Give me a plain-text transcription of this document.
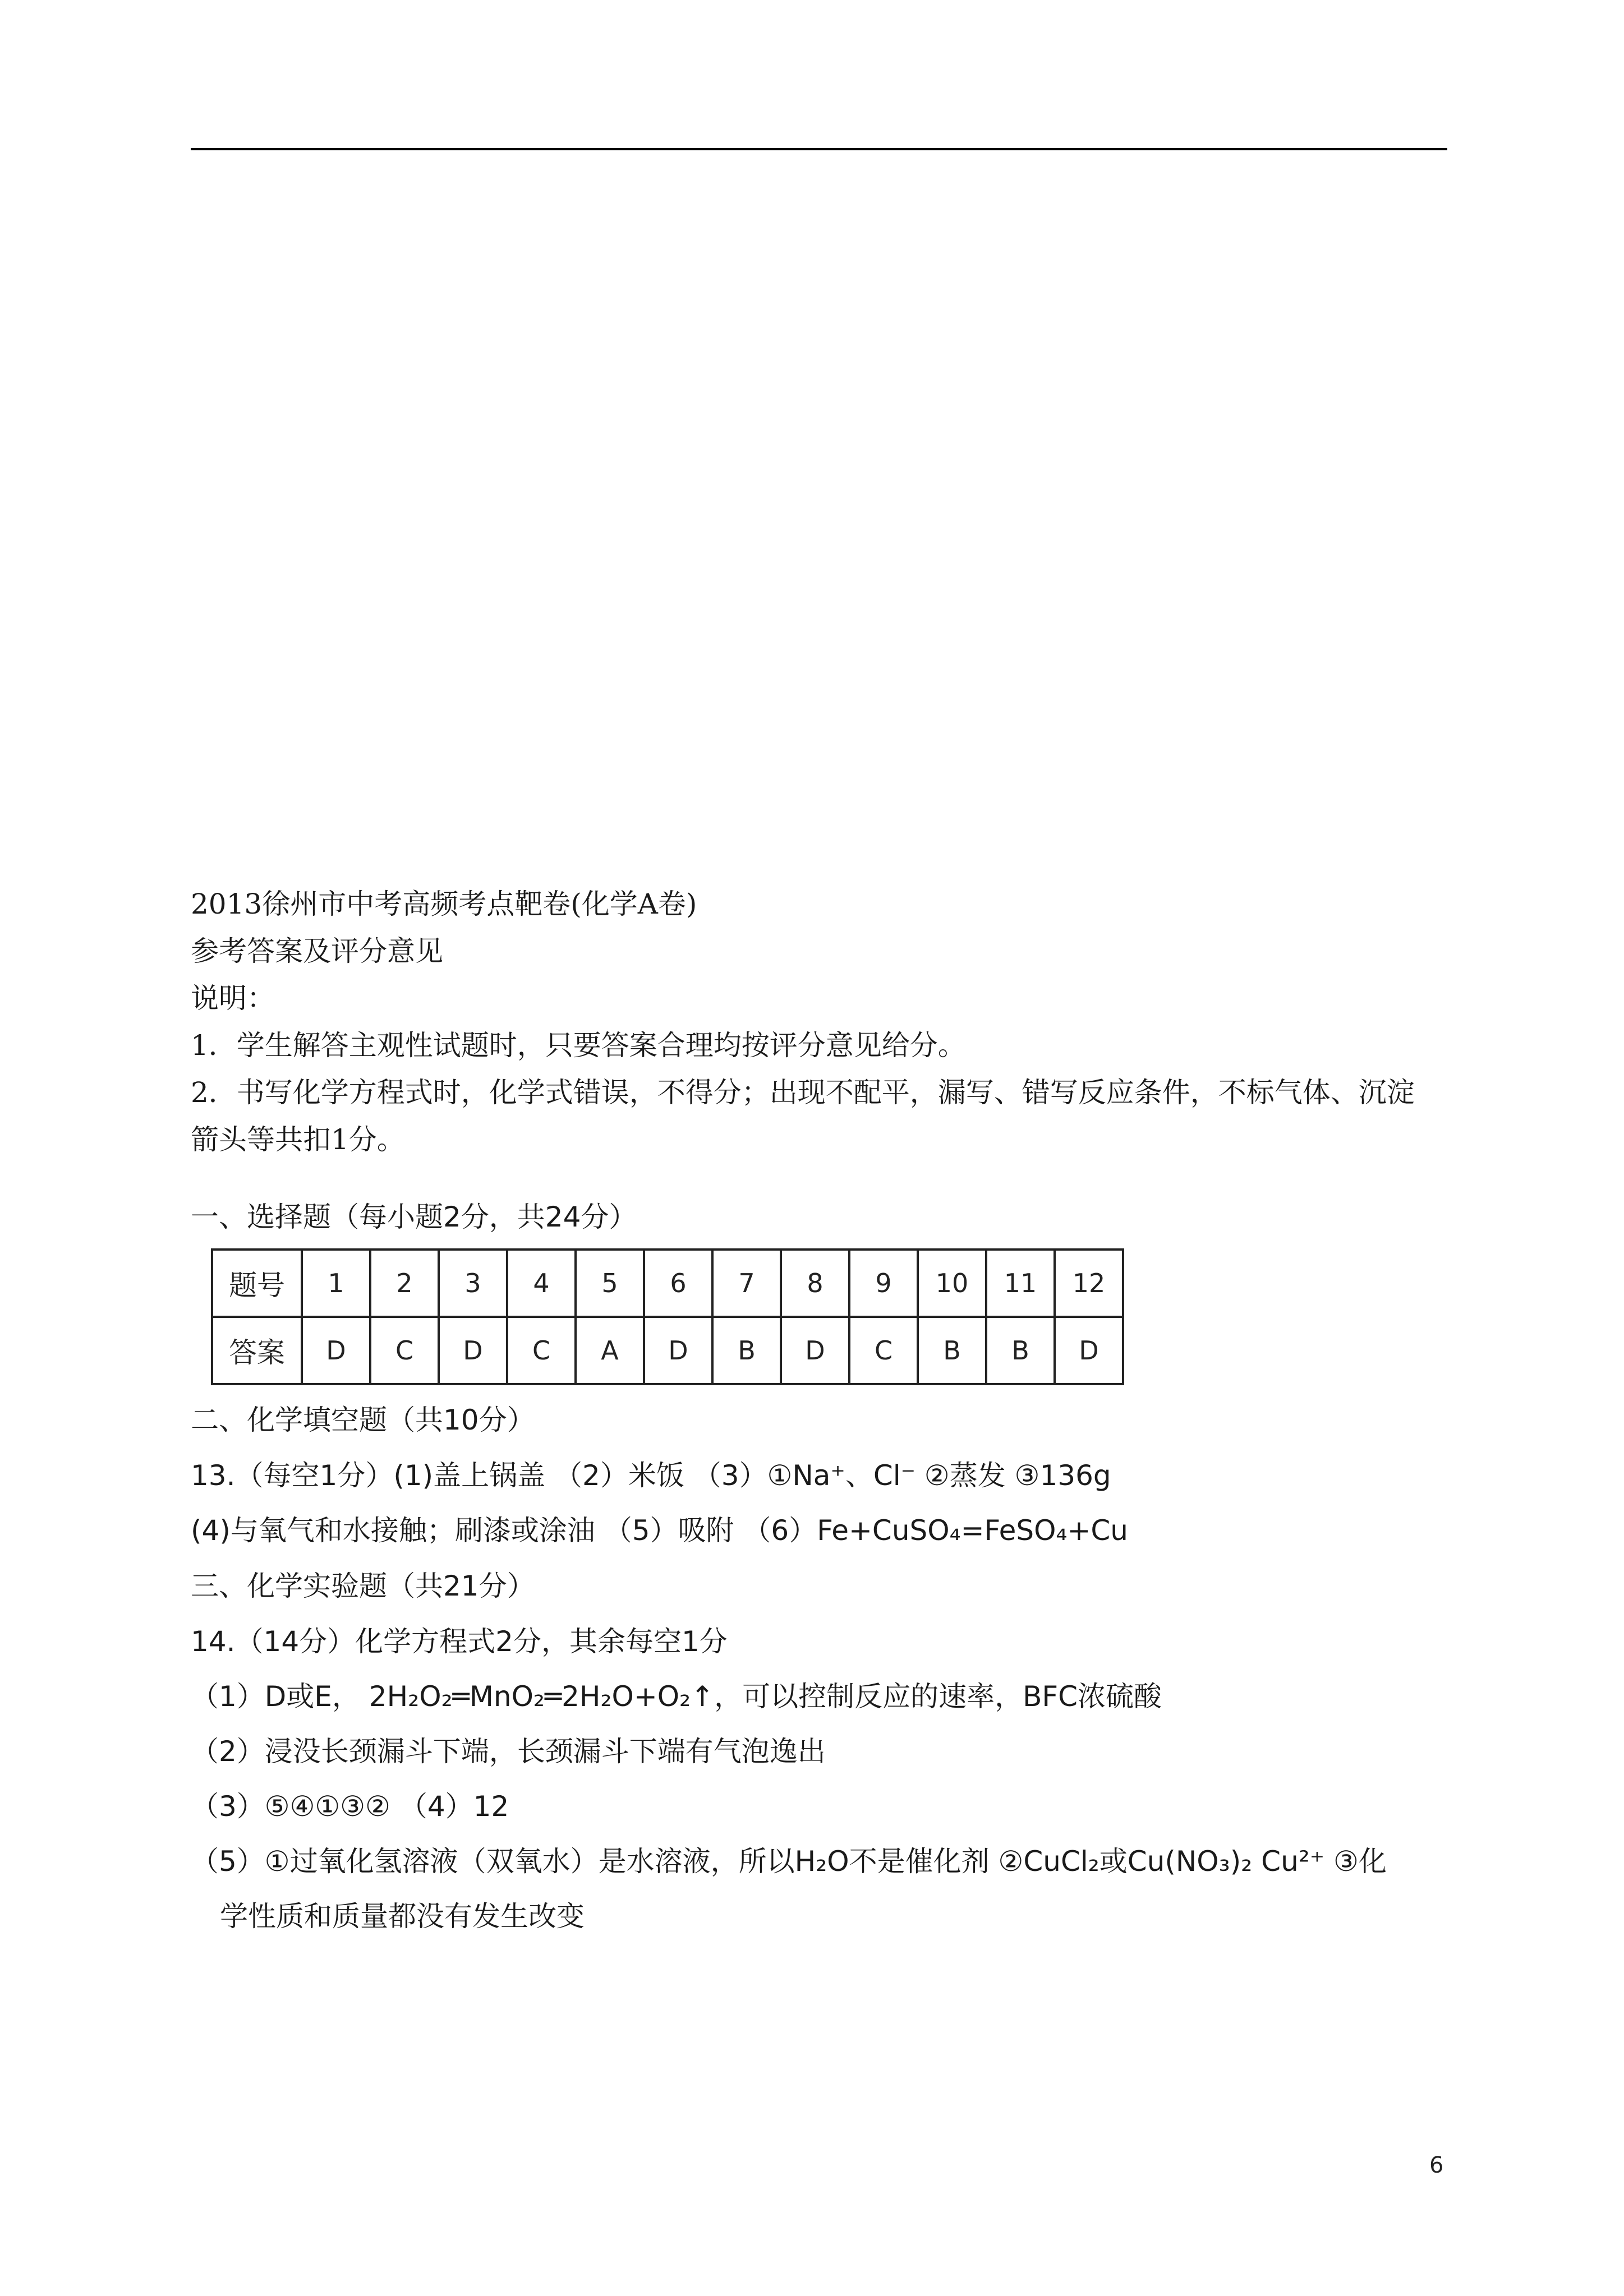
2013徐州市中考高频考点靶卷(化学A卷)
参考答案及评分意见
说明：
1．学生解答主观性试题时，只要答案合理均按评分意见给分。
2．书写化学方程式时，化学式错误，不得分；出现不配平，漏写、错写反应条件，不标气体、沉淀
箭头等共扣1分。
一、选择题（每小题2分，共24分）
题号	1	2	3	4	5	6	7	8	9	10	11	12
答案	D	C	D	C	A	D	B	D	C	B	B	D
二、化学填空题（共10分）
13.（每空1分）(1)盖上锅盖 （2）米饭 （3）①Na⁺、Cl⁻ ②蒸发 ③136g
(4)与氧气和水接触；刷漆或涂油 （5）吸附 （6）Fe+CuSO₄=FeSO₄+Cu
三、化学实验题（共21分）
14.（14分）化学方程式2分，其余每空1分
（1）D或E， 2H₂O₂═MnO₂═2H₂O+O₂↑，可以控制反应的速率，BFC浓硫酸
（2）浸没长颈漏斗下端，长颈漏斗下端有气泡逸出
（3）⑤④①③② （4）12
（5）①过氧化氢溶液（双氧水）是水溶液，所以H₂O不是催化剂 ②CuCl₂或Cu(NO₃)₂ Cu²⁺ ③化
学性质和质量都没有发生改变
6
